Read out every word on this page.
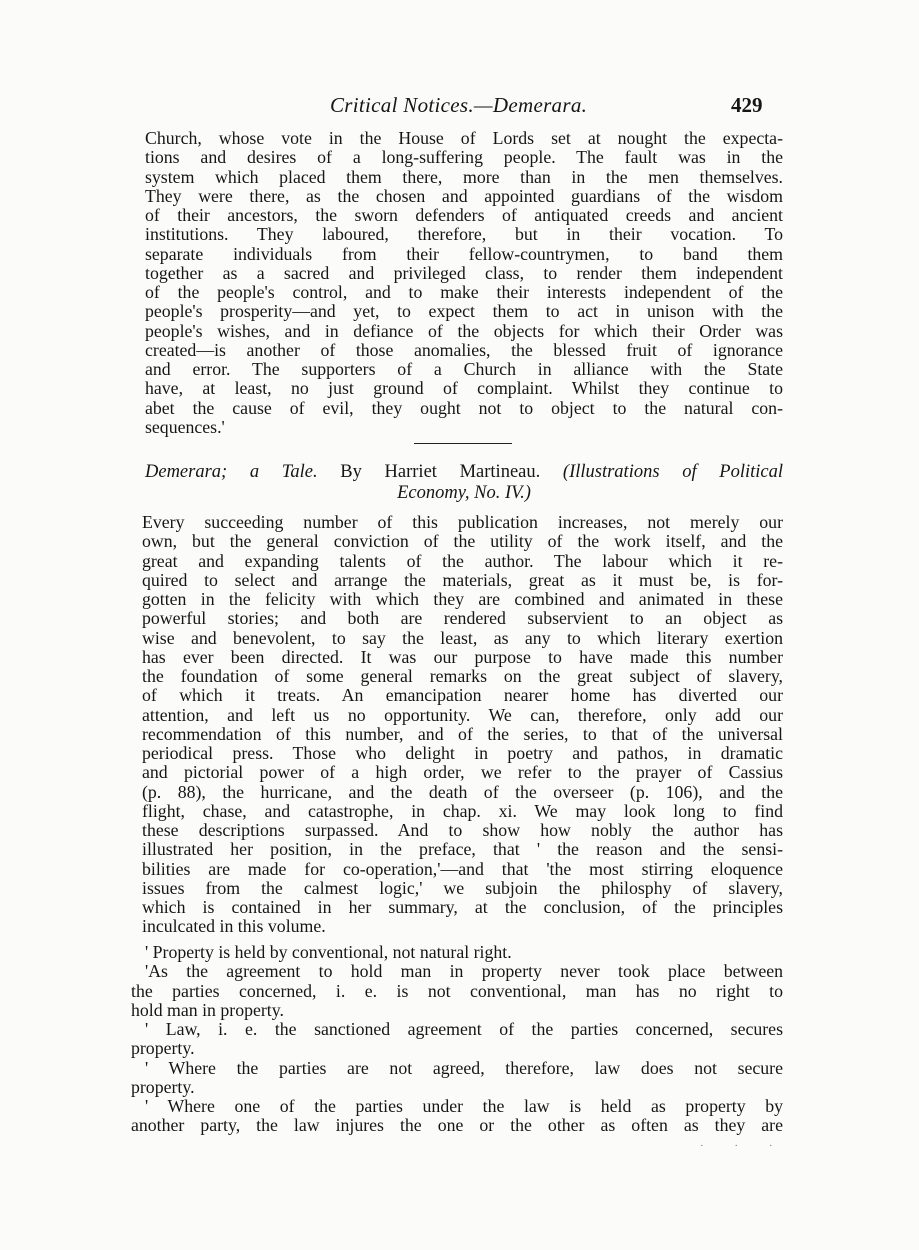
Critical Notices.—Demerara.	429
Church, whose vote in the House of Lords set at nought the expecta-
tions and desires of a long-suffering people. The fault was in the
system which placed them there, more than in the men themselves.
They were there, as the chosen and appointed guardians of the wisdom
of their ancestors, the sworn defenders of antiquated creeds and ancient
institutions. They laboured, therefore, but in their vocation. To
separate individuals from their fellow-countrymen, to band them
together as a sacred and privileged class, to render them independent
of the people's control, and to make their interests independent of the
people's prosperity—and yet, to expect them to act in unison with the
people's wishes, and in defiance of the objects for which their Order was
created—is another of those anomalies, the blessed fruit of ignorance
and error. The supporters of a Church in alliance with the State
have, at least, no just ground of complaint. Whilst they continue to
abet the cause of evil, they ought not to object to the natural con-
sequences.'
Demerara; a Tale. By Harriet Martineau. (Illustrations of Political
Economy, No. IV.)
Every succeeding number of this publication increases, not merely our
own, but the general conviction of the utility of the work itself, and the
great and expanding talents of the author. The labour which it re-
quired to select and arrange the materials, great as it must be, is for-
gotten in the felicity with which they are combined and animated in these
powerful stories; and both are rendered subservient to an object as
wise and benevolent, to say the least, as any to which literary exertion
has ever been directed. It was our purpose to have made this number
the foundation of some general remarks on the great subject of slavery,
of which it treats. An emancipation nearer home has diverted our
attention, and left us no opportunity. We can, therefore, only add our
recommendation of this number, and of the series, to that of the universal
periodical press. Those who delight in poetry and pathos, in dramatic
and pictorial power of a high order, we refer to the prayer of Cassius
(p. 88), the hurricane, and the death of the overseer (p. 106), and the
flight, chase, and catastrophe, in chap. xi. We may look long to find
these descriptions surpassed. And to show how nobly the author has
illustrated her position, in the preface, that ' the reason and the sensi-
bilities are made for co-operation,'—and that 'the most stirring eloquence
issues from the calmest logic,' we subjoin the philosphy of slavery,
which is contained in her summary, at the conclusion, of the principles
inculcated in this volume.
' Property is held by conventional, not natural right.
'As the agreement to hold man in property never took place between
the parties concerned, i. e. is not conventional, man has no right to
hold man in property.
' Law, i. e. the sanctioned agreement of the parties concerned, secures
property.
' Where the parties are not agreed, therefore, law does not secure
property.
' Where one of the parties under the law is held as property by
another party, the law injures the one or the other as often as they are
· · ·
